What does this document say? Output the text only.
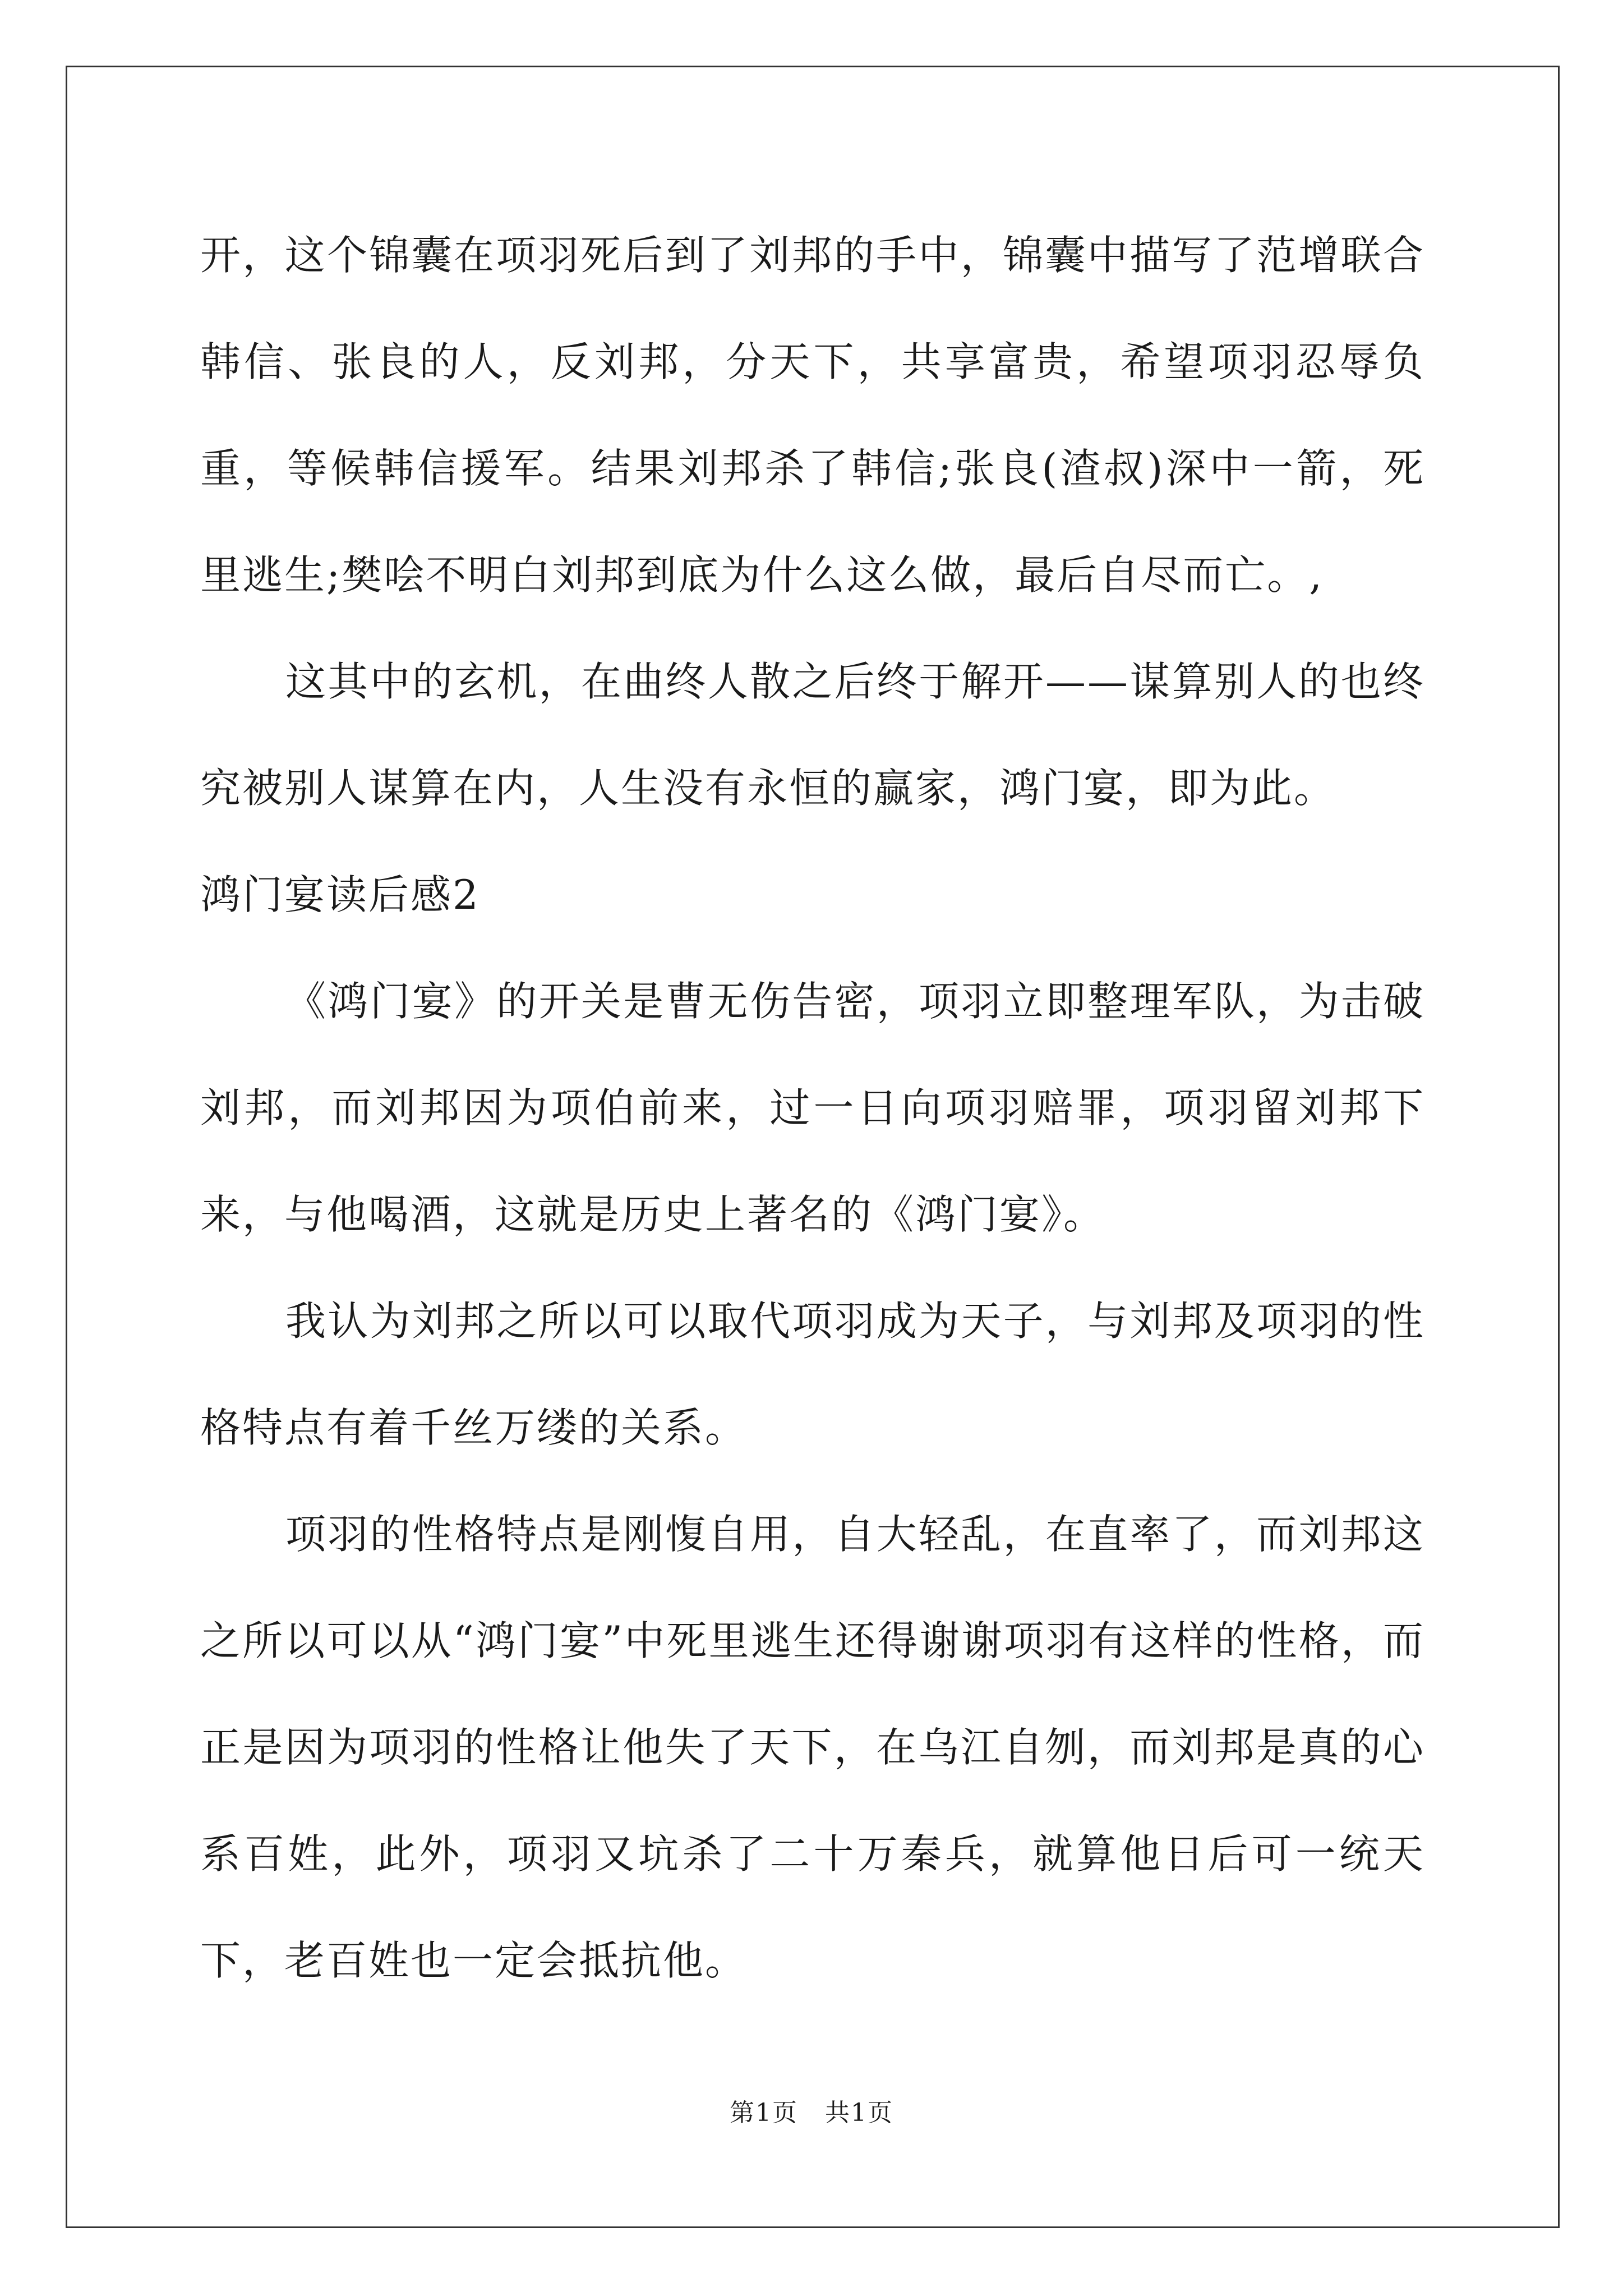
开，这个锦囊在项羽死后到了刘邦的手中，锦囊中描写了范增联合韩信、张良的人，反刘邦，分天下，共享富贵，希望项羽忍辱负重，等候韩信援军。结果刘邦杀了韩信;张良(渣叔)深中一箭，死里逃生;樊哙不明白刘邦到底为什么这么做，最后自尽而亡。,

这其中的玄机，在曲终人散之后终于解开——谋算别人的也终究被别人谋算在内，人生没有永恒的赢家，鸿门宴，即为此。

鸿门宴读后感2

《鸿门宴》的开关是曹无伤告密，项羽立即整理军队，为击破刘邦，而刘邦因为项伯前来，过一日向项羽赔罪，项羽留刘邦下来，与他喝酒，这就是历史上著名的《鸿门宴》。

我认为刘邦之所以可以取代项羽成为天子，与刘邦及项羽的性格特点有着千丝万缕的关系。

项羽的性格特点是刚愎自用，自大轻乱，在直率了，而刘邦这之所以可以从“鸿门宴”中死里逃生还得谢谢项羽有这样的性格，而正是因为项羽的性格让他失了天下，在乌江自刎，而刘邦是真的心系百姓，此外，项羽又坑杀了二十万秦兵，就算他日后可一统天下，老百姓也一定会抵抗他。

第1页 共1页
